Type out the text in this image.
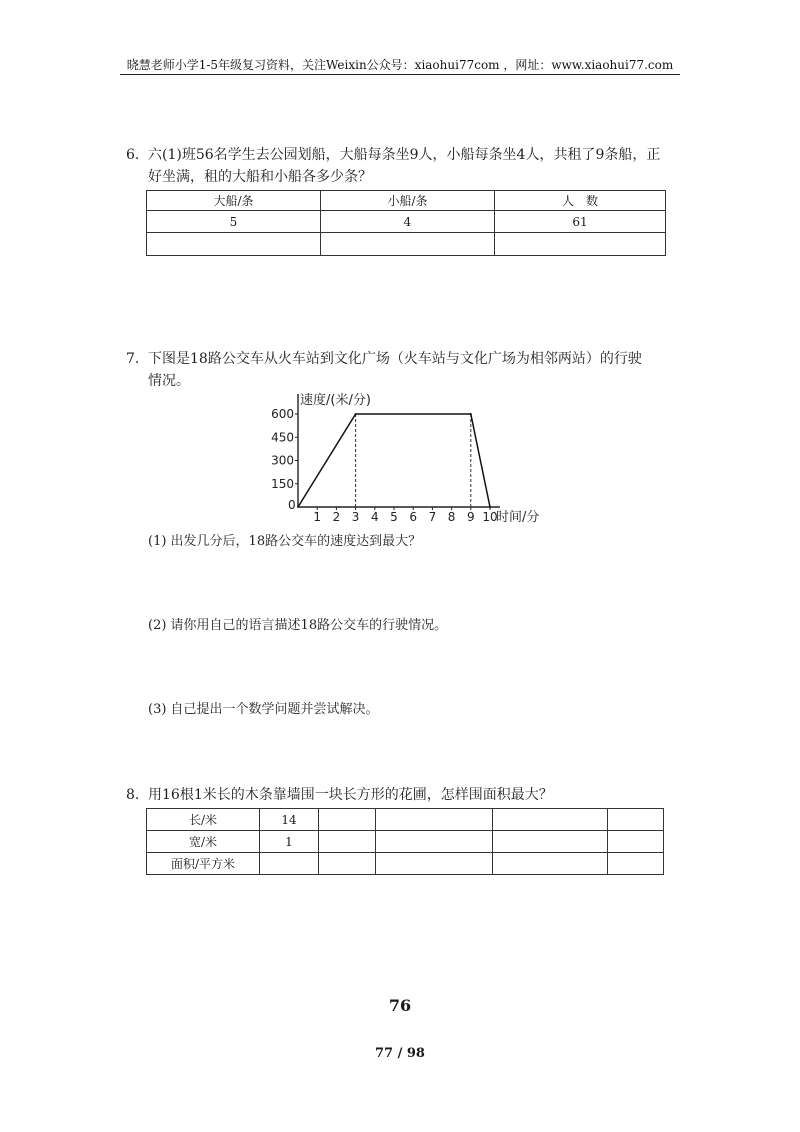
晓慧老师小学1-5年级复习资料，关注Weixin公众号：xiaohui77com ，网址：www.xiaohui77.com
6. 六(1)班56名学生去公园划船，大船每条坐9人，小船每条坐4人，共租了9条船，正
好坐满，租的大船和小船各多少条？
大船/条	小船/条	人　数
5	4	61

7. 下图是18路公交车从火车站到文化广场（火车站与文化广场为相邻两站）的行驶
情况。
速度/(米/分)
时间/分
0
150
300
450
600
1 2 3 4 5 6 7 8 9 10
(1) 出发几分后，18路公交车的速度达到最大？
(2) 请你用自己的语言描述18路公交车的行驶情况。
(3) 自己提出一个数学问题并尝试解决。
8. 用16根1米长的木条靠墙围一块长方形的花圃，怎样围面积最大？
长/米	14				
宽/米	1				
面积/平方米					
76
77 / 98
